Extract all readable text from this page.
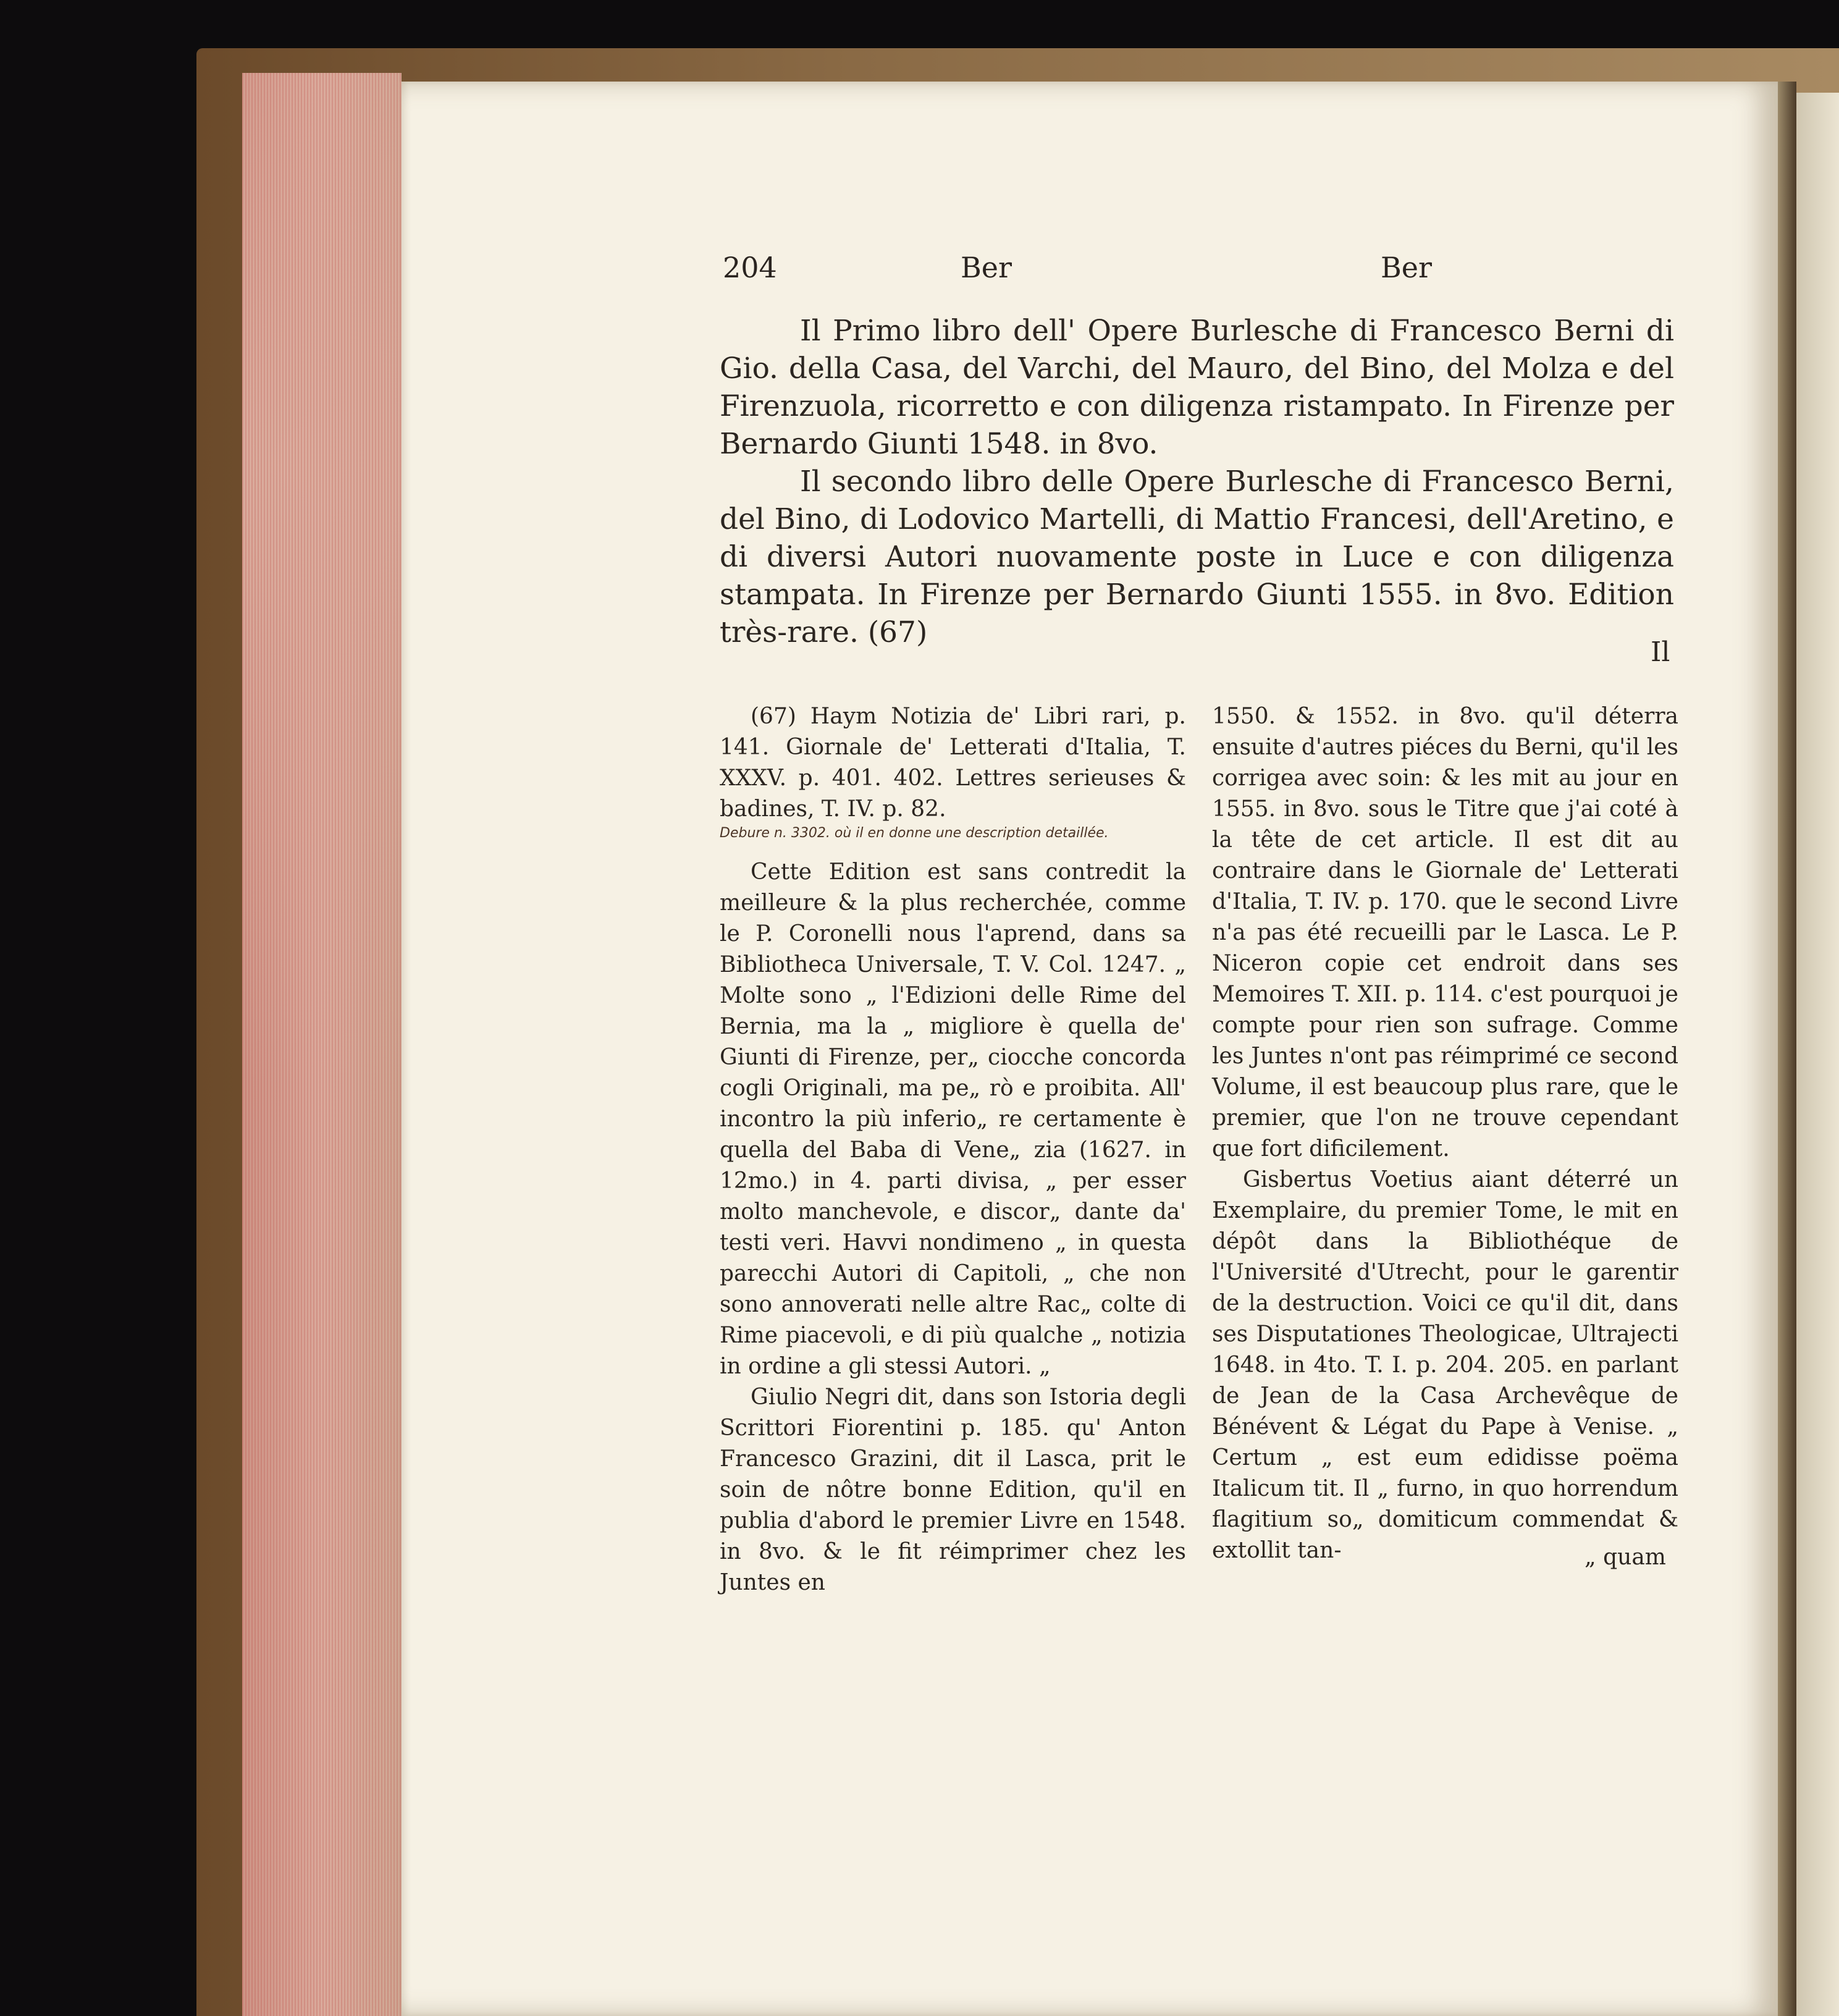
204	Ber	Ber

Il Primo libro dell' Opere Burlesche di Francesco Berni di Gio. della Casa, del Varchi, del Mauro, del Bino, del Molza e del Firenzuola, ricorretto e con diligenza ristampato. In Firenze per Bernardo Giunti 1548. in 8vo.

Il secondo libro delle Opere Burlesche di Francesco Berni, del Bino, di Lodovico Martelli, di Mattio Francesi, dell'Aretino, e di diversi Autori nuovamente poste in Luce e con diligenza stampata. In Firenze per Bernardo Giunti 1555. in 8vo. Edition très-rare. (67)

Il

(67) Haym Notizia de' Libri rari, p. 141. Giornale de' Letterati d'Italia, T. XXXV. p. 401. 402. Lettres serieuses & badines, T. IV. p. 82.

Debure n. 3302. où il en donne une description detaillée.

Cette Edition est sans contredit la meilleure & la plus recherchée, comme le P. Coronelli nous l'aprend, dans sa Bibliotheca Universale, T. V. Col. 1247. „ Molte sono „ l'Edizioni delle Rime del Bernia, ma la „ migliore è quella de' Giunti di Firenze, per„ ciocche concorda cogli Originali, ma pe„ rò e proibita. All' incontro la più inferio„ re certamente è quella del Baba di Vene„ zia (1627. in 12mo.) in 4. parti divisa, „ per esser molto manchevole, e discor„ dante da' testi veri. Havvi nondimeno „ in questa parecchi Autori di Capitoli, „ che non sono annoverati nelle altre Rac„ colte di Rime piacevoli, e di più qualche „ notizia in ordine a gli stessi Autori. „

Giulio Negri dit, dans son Istoria degli Scrittori Fiorentini p. 185. qu' Anton Francesco Grazini, dit il Lasca, prit le soin de nôtre bonne Edition, qu'il en publia d'abord le premier Livre en 1548. in 8vo. & le fit réimprimer chez les Juntes en

1550. & 1552. in 8vo. qu'il déterra ensuite d'autres piéces du Berni, qu'il les corrigea avec soin: & les mit au jour en 1555. in 8vo. sous le Titre que j'ai coté à la tête de cet article. Il est dit au contraire dans le Giornale de' Letterati d'Italia, T. IV. p. 170. que le second Livre n'a pas été recueilli par le Lasca. Le P. Niceron copie cet endroit dans ses Memoires T. XII. p. 114. c'est pourquoi je compte pour rien son sufrage. Comme les Juntes n'ont pas réimprimé ce second Volume, il est beaucoup plus rare, que le premier, que l'on ne trouve cependant que fort dificilement.

Gisbertus Voetius aiant déterré un Exemplaire, du premier Tome, le mit en dépôt dans la Bibliothéque de l'Université d'Utrecht, pour le garentir de la destruction. Voici ce qu'il dit, dans ses Disputationes Theologicae, Ultrajecti 1648. in 4to. T. I. p. 204. 205. en parlant de Jean de la Casa Archevêque de Bénévent & Légat du Pape à Venise. „ Certum „ est eum edidisse poëma Italicum tit. Il „ furno, in quo horrendum flagitium so„ domiticum commendat & extollit tan-	„ quam
